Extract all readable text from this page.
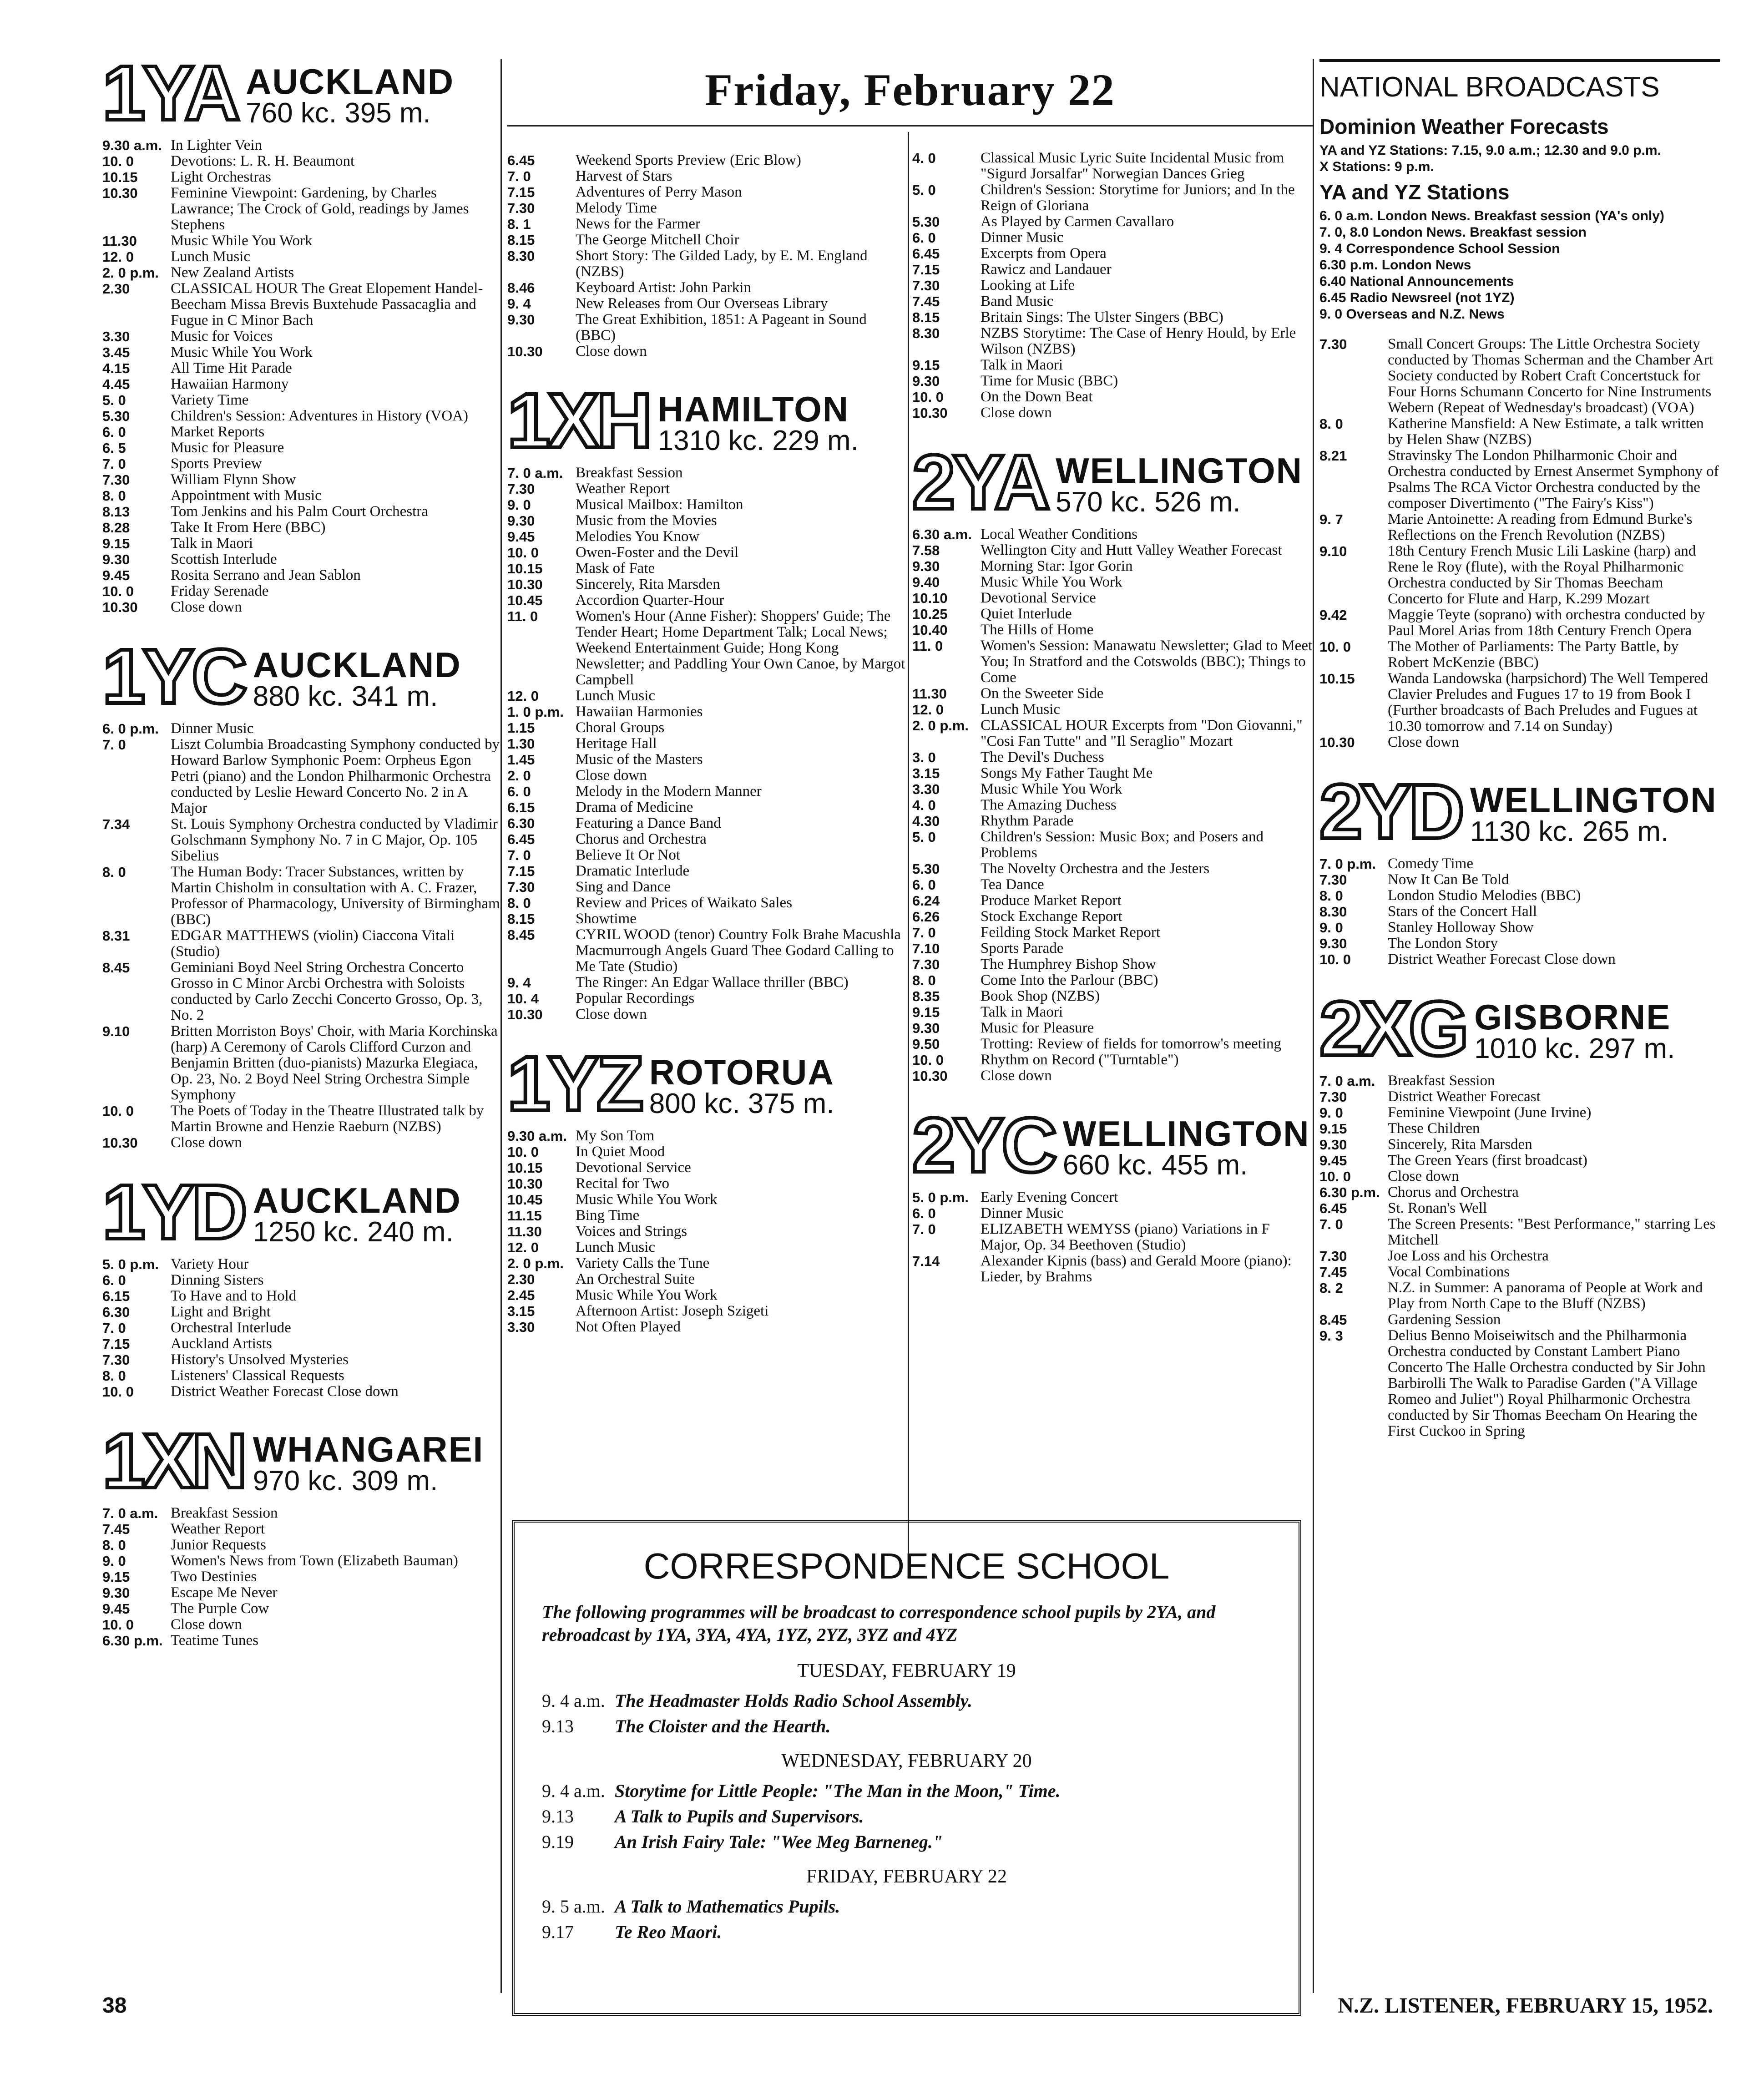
Friday, February 22
1YA AUCKLAND
760 kc. 395 m.
9.30 a.m. In Lighter Vein
10. 0	Devotions: L. R. H. Beaumont
10.15	Light Orchestras
10.30	Feminine Viewpoint: Gardening, by Charles Lawrance; The Crock of Gold, readings by James Stephens
11.30	Music While You Work
12. 0	Lunch Music
2. 0 p.m. New Zealand Artists
2.30	CLASSICAL HOUR The Great Elopement Handel-Beecham Missa Brevis Buxtehude Passacaglia and Fugue in C Minor Bach
3.30	Music for Voices
3.45	Music While You Work
4.15	All Time Hit Parade
4.45	Hawaiian Harmony
5. 0	Variety Time
5.30	Children's Session: Adventures in History (VOA)
6. 0	Market Reports
6. 5	Music for Pleasure
7. 0	Sports Preview
7.30	William Flynn Show
8. 0	Appointment with Music
8.13	Tom Jenkins and his Palm Court Orchestra
8.28	Take It From Here (BBC)
9.15	Talk in Maori
9.30	Scottish Interlude
9.45	Rosita Serrano and Jean Sablon
10. 0	Friday Serenade
10.30	Close down
1YC AUCKLAND
880 kc. 341 m.
6. 0 p.m. Dinner Music
7. 0	Liszt Columbia Broadcasting Symphony conducted by Howard Barlow Symphonic Poem: Orpheus Egon Petri (piano) and the London Philharmonic Orchestra conducted by Leslie Heward Concerto No. 2 in A Major
7.34	St. Louis Symphony Orchestra conducted by Vladimir Golschmann Symphony No. 7 in C Major, Op. 105 Sibelius
8. 0	The Human Body: Tracer Substances, written by Martin Chisholm in consultation with A. C. Frazer, Professor of Pharmacology, University of Birmingham (BBC)
8.31	EDGAR MATTHEWS (violin) Ciaccona Vitali (Studio)
8.45	Geminiani Boyd Neel String Orchestra Concerto Grosso in C Minor Arcbi Orchestra with Soloists conducted by Carlo Zecchi Concerto Grosso, Op. 3, No. 2
9.10	Britten Morriston Boys' Choir, with Maria Korchinska (harp) A Ceremony of Carols Clifford Curzon and Benjamin Britten (duo-pianists) Mazurka Elegiaca, Op. 23, No. 2 Boyd Neel String Orchestra Simple Symphony
10. 0	The Poets of Today in the Theatre Illustrated talk by Martin Browne and Henzie Raeburn (NZBS)
10.30	Close down
1YD AUCKLAND
1250 kc. 240 m.
5. 0 p.m. Variety Hour
6. 0	Dinning Sisters
6.15	To Have and to Hold
6.30	Light and Bright
7. 0	Orchestral Interlude
7.15	Auckland Artists
7.30	History's Unsolved Mysteries
8. 0	Listeners' Classical Requests
10. 0	District Weather Forecast Close down
1XN WHANGAREI
970 kc. 309 m.
7. 0 a.m. Breakfast Session
7.45	Weather Report
8. 0	Junior Requests
9. 0	Women's News from Town (Elizabeth Bauman)
9.15	Two Destinies
9.30	Escape Me Never
9.45	The Purple Cow
10. 0	Close down
6.30 p.m. Teatime Tunes
6.45	Weekend Sports Preview (Eric Blow)
7. 0	Harvest of Stars
7.15	Adventures of Perry Mason
7.30	Melody Time
8. 1	News for the Farmer
8.15	The George Mitchell Choir
8.30	Short Story: The Gilded Lady, by E. M. England (NZBS)
8.46	Keyboard Artist: John Parkin
9. 4	New Releases from Our Overseas Library
9.30	The Great Exhibition, 1851: A Pageant in Sound (BBC)
10.30	Close down
1XH HAMILTON
1310 kc. 229 m.
7. 0 a.m. Breakfast Session
7.30	Weather Report
9. 0	Musical Mailbox: Hamilton
9.30	Music from the Movies
9.45	Melodies You Know
10. 0	Owen-Foster and the Devil
10.15	Mask of Fate
10.30	Sincerely, Rita Marsden
10.45	Accordion Quarter-Hour
11. 0	Women's Hour (Anne Fisher): Shoppers' Guide; The Tender Heart; Home Department Talk; Local News; Weekend Entertainment Guide; Hong Kong Newsletter; and Paddling Your Own Canoe, by Margot Campbell
12. 0	Lunch Music
1. 0 p.m. Hawaiian Harmonies
1.15	Choral Groups
1.30	Heritage Hall
1.45	Music of the Masters
2. 0	Close down
6. 0	Melody in the Modern Manner
6.15	Drama of Medicine
6.30	Featuring a Dance Band
6.45	Chorus and Orchestra
7. 0	Believe It Or Not
7.15	Dramatic Interlude
7.30	Sing and Dance
8. 0	Review and Prices of Waikato Sales
8.15	Showtime
8.45	CYRIL WOOD (tenor) Country Folk Brahe Macushla Macmurrough Angels Guard Thee Godard Calling to Me Tate (Studio)
9. 4	The Ringer: An Edgar Wallace thriller (BBC)
10. 4	Popular Recordings
10.30	Close down
1YZ ROTORUA
800 kc. 375 m.
9.30 a.m. My Son Tom
10. 0	In Quiet Mood
10.15	Devotional Service
10.30	Recital for Two
10.45	Music While You Work
11.15	Bing Time
11.30	Voices and Strings
12. 0	Lunch Music
2. 0 p.m. Variety Calls the Tune
2.30	An Orchestral Suite
2.45	Music While You Work
3.15	Afternoon Artist: Joseph Szigeti
3.30	Not Often Played
4. 0	Classical Music Lyric Suite Incidental Music from "Sigurd Jorsalfar" Norwegian Dances Grieg
5. 0	Children's Session: Storytime for Juniors; and In the Reign of Gloriana
5.30	As Played by Carmen Cavallaro
6. 0	Dinner Music
6.45	Excerpts from Opera
7.15	Rawicz and Landauer
7.30	Looking at Life
7.45	Band Music
8.15	Britain Sings: The Ulster Singers (BBC)
8.30	NZBS Storytime: The Case of Henry Hould, by Erle Wilson (NZBS)
9.15	Talk in Maori
9.30	Time for Music (BBC)
10. 0	On the Down Beat
10.30	Close down
2YA WELLINGTON
570 kc. 526 m.
6.30 a.m. Local Weather Conditions
7.58	Wellington City and Hutt Valley Weather Forecast
9.30	Morning Star: Igor Gorin
9.40	Music While You Work
10.10	Devotional Service
10.25	Quiet Interlude
10.40	The Hills of Home
11. 0	Women's Session: Manawatu Newsletter; Glad to Meet You; In Stratford and the Cotswolds (BBC); Things to Come
11.30	On the Sweeter Side
12. 0	Lunch Music
2. 0 p.m. CLASSICAL HOUR Excerpts from "Don Giovanni," "Cosi Fan Tutte" and "Il Seraglio" Mozart
3. 0	The Devil's Duchess
3.15	Songs My Father Taught Me
3.30	Music While You Work
4. 0	The Amazing Duchess
4.30	Rhythm Parade
5. 0	Children's Session: Music Box; and Posers and Problems
5.30	The Novelty Orchestra and the Jesters
6. 0	Tea Dance
6.24	Produce Market Report
6.26	Stock Exchange Report
7. 0	Feilding Stock Market Report
7.10	Sports Parade
7.30	The Humphrey Bishop Show
8. 0	Come Into the Parlour (BBC)
8.35	Book Shop (NZBS)
9.15	Talk in Maori
9.30	Music for Pleasure
9.50	Trotting: Review of fields for tomorrow's meeting
10. 0	Rhythm on Record ("Turntable")
10.30	Close down
2YC WELLINGTON
660 kc. 455 m.
5. 0 p.m. Early Evening Concert
6. 0	Dinner Music
7. 0	ELIZABETH WEMYSS (piano) Variations in F Major, Op. 34 Beethoven (Studio)
7.14	Alexander Kipnis (bass) and Gerald Moore (piano): Lieder, by Brahms
NATIONAL BROADCASTS
Dominion Weather Forecasts
YA and YZ Stations: 7.15, 9.0 a.m.; 12.30 and 9.0 p.m.
X Stations: 9 p.m.
YA and YZ Stations
6. 0 a.m. London News. Breakfast session (YA's only)
7. 0, 8.0 London News. Breakfast session
9. 4 Correspondence School Session
6.30 p.m. London News
6.40 National Announcements
6.45 Radio Newsreel (not 1YZ)
9. 0 Overseas and N.Z. News
7.30	Small Concert Groups: The Little Orchestra Society conducted by Thomas Scherman and the Chamber Art Society conducted by Robert Craft Concertstuck for Four Horns Schumann Concerto for Nine Instruments Webern (Repeat of Wednesday's broadcast) (VOA)
8. 0	Katherine Mansfield: A New Estimate, a talk written by Helen Shaw (NZBS)
8.21	Stravinsky The London Philharmonic Choir and Orchestra conducted by Ernest Ansermet Symphony of Psalms The RCA Victor Orchestra conducted by the composer Divertimento ("The Fairy's Kiss")
9. 7	Marie Antoinette: A reading from Edmund Burke's Reflections on the French Revolution (NZBS)
9.10	18th Century French Music Lili Laskine (harp) and Rene le Roy (flute), with the Royal Philharmonic Orchestra conducted by Sir Thomas Beecham Concerto for Flute and Harp, K.299 Mozart
9.42	Maggie Teyte (soprano) with orchestra conducted by Paul Morel Arias from 18th Century French Opera
10. 0	The Mother of Parliaments: The Party Battle, by Robert McKenzie (BBC)
10.15	Wanda Landowska (harpsichord) The Well Tempered Clavier Preludes and Fugues 17 to 19 from Book I (Further broadcasts of Bach Preludes and Fugues at 10.30 tomorrow and 7.14 on Sunday)
10.30	Close down
2YD WELLINGTON
1130 kc. 265 m.
7. 0 p.m. Comedy Time
7.30	Now It Can Be Told
8. 0	London Studio Melodies (BBC)
8.30	Stars of the Concert Hall
9. 0	Stanley Holloway Show
9.30	The London Story
10. 0	District Weather Forecast Close down
2XG GISBORNE
1010 kc. 297 m.
7. 0 a.m. Breakfast Session
7.30	District Weather Forecast
9. 0	Feminine Viewpoint (June Irvine)
9.15	These Children
9.30	Sincerely, Rita Marsden
9.45	The Green Years (first broadcast)
10. 0	Close down
6.30 p.m. Chorus and Orchestra
6.45	St. Ronan's Well
7. 0	The Screen Presents: "Best Performance," starring Les Mitchell
7.30	Joe Loss and his Orchestra
7.45	Vocal Combinations
8. 2	N.Z. in Summer: A panorama of People at Work and Play from North Cape to the Bluff (NZBS)
8.45	Gardening Session
9. 3	Delius Benno Moiseiwitsch and the Philharmonia Orchestra conducted by Constant Lambert Piano Concerto The Halle Orchestra conducted by Sir John Barbirolli The Walk to Paradise Garden ("A Village Romeo and Juliet") Royal Philharmonic Orchestra conducted by Sir Thomas Beecham On Hearing the First Cuckoo in Spring
CORRESPONDENCE SCHOOL
The following programmes will be broadcast to correspondence school pupils by 2YA, and rebroadcast by 1YA, 3YA, 4YA, 1YZ, 2YZ, 3YZ and 4YZ
TUESDAY, FEBRUARY 19
9. 4 a.m. The Headmaster Holds Radio School Assembly.
9.13	The Cloister and the Hearth.
WEDNESDAY, FEBRUARY 20
9. 4 a.m. Storytime for Little People: "The Man in the Moon," Time.
9.13	A Talk to Pupils and Supervisors.
9.19	An Irish Fairy Tale: "Wee Meg Barneneg."
FRIDAY, FEBRUARY 22
9. 5 a.m. A Talk to Mathematics Pupils.
9.17	Te Reo Maori.
38	N.Z. LISTENER, FEBRUARY 15, 1952.
